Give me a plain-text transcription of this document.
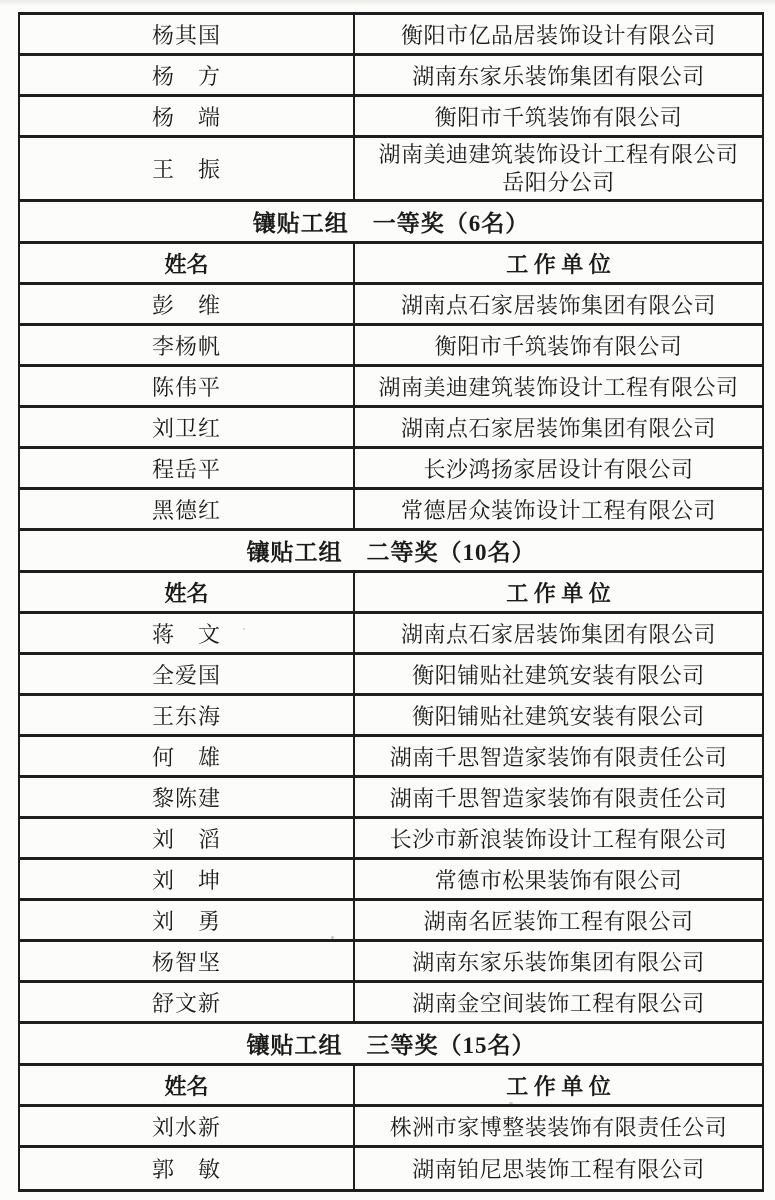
杨其国	衡阳市亿品居装饰设计有限公司
杨　方	湖南东家乐装饰集团有限公司
杨　端	衡阳市千筑装饰有限公司
王　振	湖南美迪建筑装饰设计工程有限公司
岳阳分公司

镶贴工组　一等奖（6名）	
姓名	工 作 单 位
彭　维	湖南点石家居装饰集团有限公司
李杨帆	衡阳市千筑装饰有限公司
陈伟平	湖南美迪建筑装饰设计工程有限公司
刘卫红	湖南点石家居装饰集团有限公司
程岳平	长沙鸿扬家居设计有限公司
黑德红	常德居众装饰设计工程有限公司
镶贴工组　二等奖（10名）	
姓名	工 作 单 位
蒋　文	湖南点石家居装饰集团有限公司
全爱国	衡阳铺贴社建筑安装有限公司
王东海	衡阳铺贴社建筑安装有限公司
何　雄	湖南千思智造家装饰有限责任公司
黎陈建	湖南千思智造家装饰有限责任公司
刘　滔	长沙市新浪装饰设计工程有限公司
刘　坤	常德市松果装饰有限公司
刘　勇	湖南名匠装饰工程有限公司
杨智坚	湖南东家乐装饰集团有限公司
舒文新	湖南金空间装饰工程有限公司
镶贴工组　三等奖（15名）	
姓名	工 作 单 位
刘水新	株洲市家博整装装饰有限责任公司
郭　敏	湖南铂尼思装饰工程有限公司
